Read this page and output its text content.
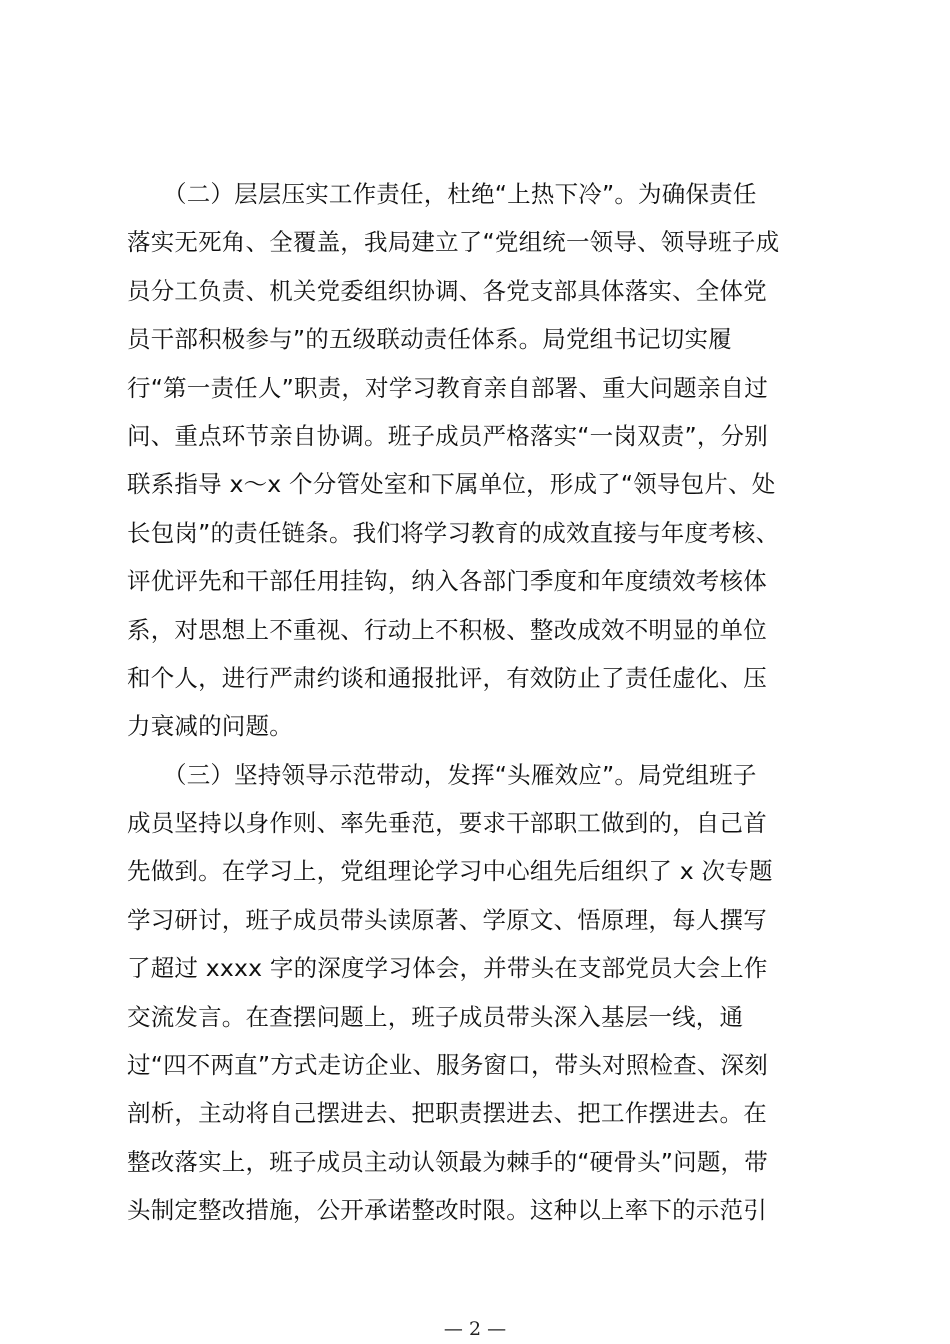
（二）层层压实工作责任，杜绝“上热下冷”。为确保责任
落实无死角、全覆盖，我局建立了“党组统一领导、领导班子成
员分工负责、机关党委组织协调、各党支部具体落实、全体党
员干部积极参与”的五级联动责任体系。局党组书记切实履
行“第一责任人”职责，对学习教育亲自部署、重大问题亲自过
问、重点环节亲自协调。班子成员严格落实“一岗双责”，分别
联系指导 x～x 个分管处室和下属单位，形成了“领导包片、处
长包岗”的责任链条。我们将学习教育的成效直接与年度考核、
评优评先和干部任用挂钩，纳入各部门季度和年度绩效考核体
系，对思想上不重视、行动上不积极、整改成效不明显的单位
和个人，进行严肃约谈和通报批评，有效防止了责任虚化、压
力衰减的问题。
（三）坚持领导示范带动，发挥“头雁效应”。局党组班子
成员坚持以身作则、率先垂范，要求干部职工做到的，自己首
先做到。在学习上，党组理论学习中心组先后组织了 x 次专题
学习研讨，班子成员带头读原著、学原文、悟原理，每人撰写
了超过 xxxx 字的深度学习体会，并带头在支部党员大会上作
交流发言。在查摆问题上，班子成员带头深入基层一线，通
过“四不两直”方式走访企业、服务窗口，带头对照检查、深刻
剖析，主动将自己摆进去、把职责摆进去、把工作摆进去。在
整改落实上，班子成员主动认领最为棘手的“硬骨头”问题，带
头制定整改措施，公开承诺整改时限。这种以上率下的示范引
— 2 —
